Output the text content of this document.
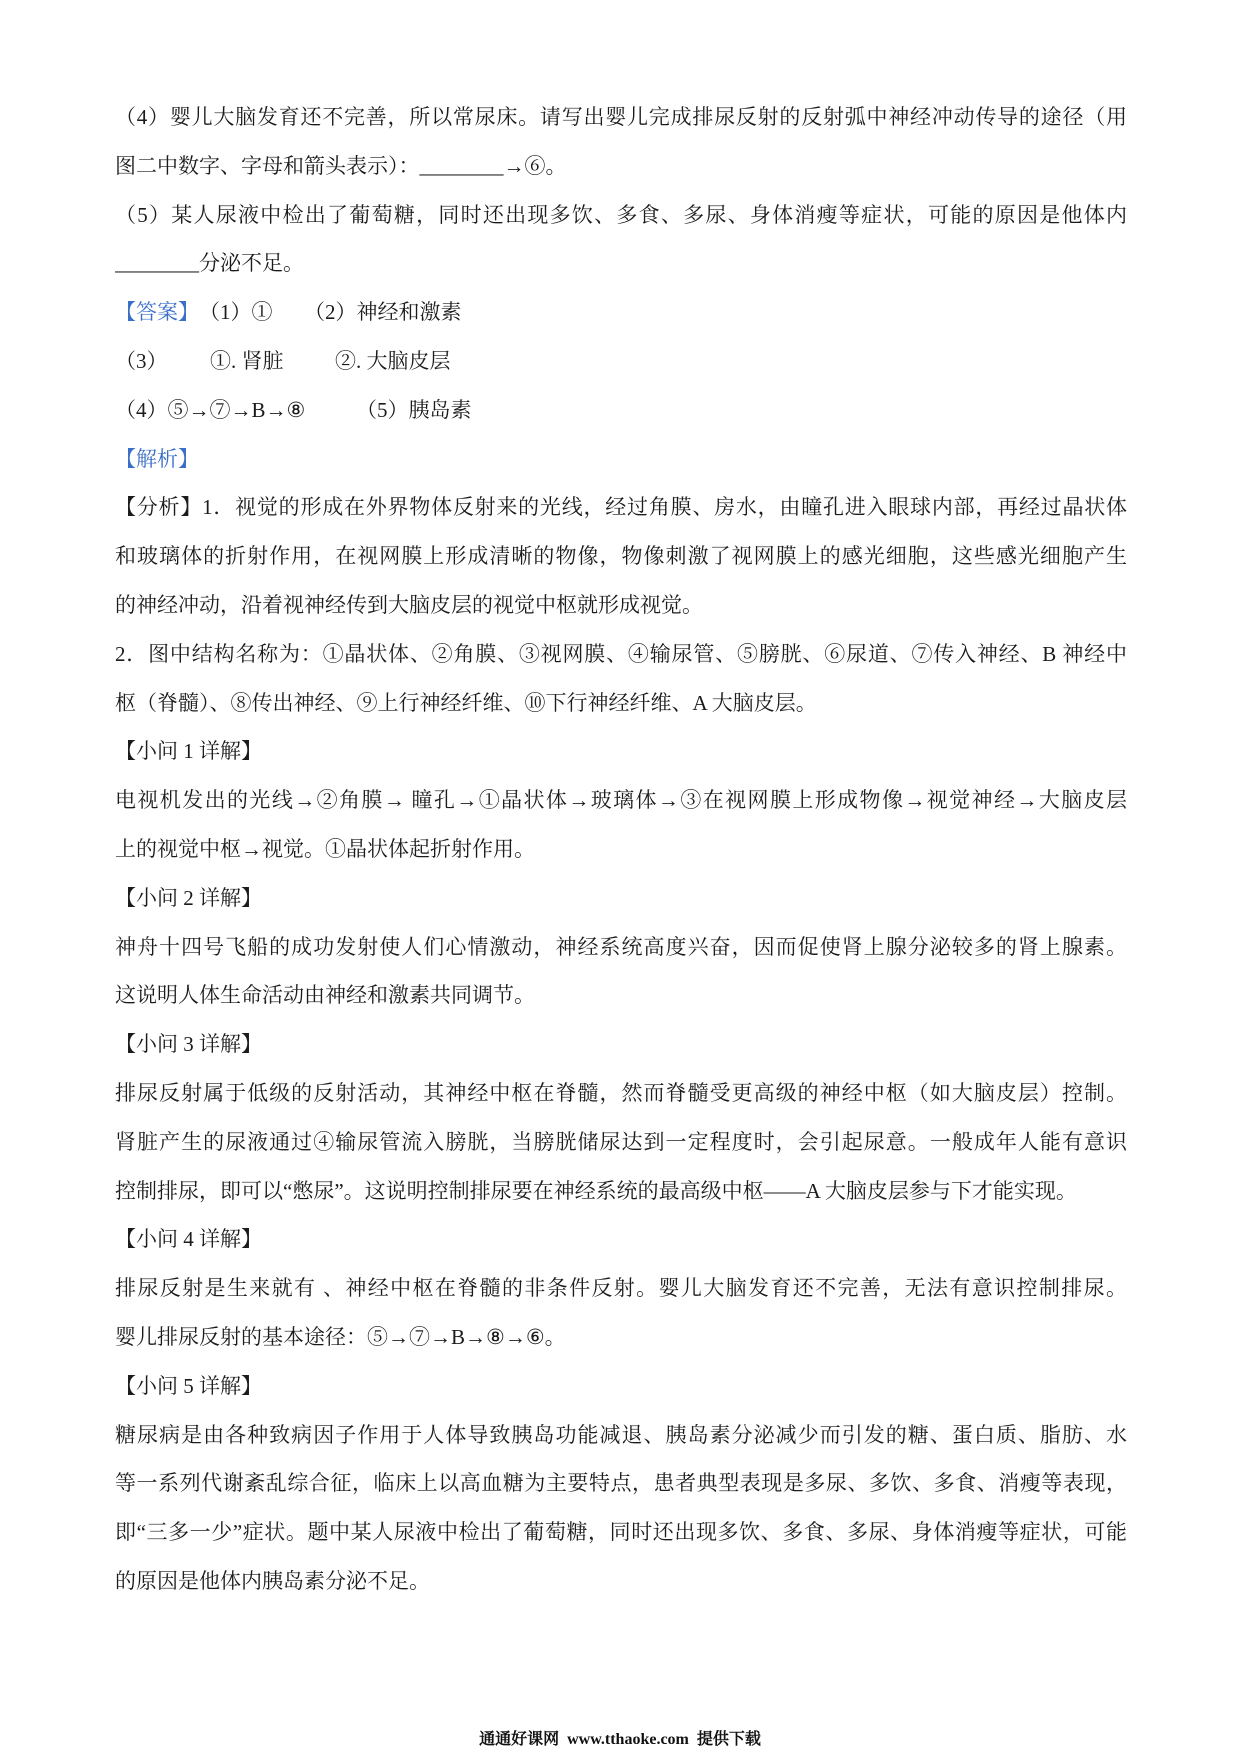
（4）婴儿大脑发育还不完善，所以常尿床。请写出婴儿完成排尿反射的反射弧中神经冲动传导的途径（用
图二中数字、字母和箭头表示）：________→⑥。
（5）某人尿液中检出了葡萄糖，同时还出现多饮、多食、多尿、身体消瘦等症状，可能的原因是他体内
________分泌不足。
【答案】 （1）① （2）神经和激素
（3） ①. 肾脏 ②. 大脑皮层
（4）⑤→⑦→B→⑧ （5）胰岛素
【解析】
【分析】1．视觉的形成在外界物体反射来的光线，经过角膜、房水，由瞳孔进入眼球内部，再经过晶状体
和玻璃体的折射作用，在视网膜上形成清晰的物像，物像刺激了视网膜上的感光细胞，这些感光细胞产生
的神经冲动，沿着视神经传到大脑皮层的视觉中枢就形成视觉。
2．图中结构名称为：①晶状体、②角膜、③视网膜、④输尿管、⑤膀胱、⑥尿道、⑦传入神经、B 神经中
枢（脊髓）、⑧传出神经、⑨上行神经纤维、⑩下行神经纤维、A 大脑皮层。
【小问 1 详解】
电视机发出的光线→②角膜→ 瞳孔→①晶状体→玻璃体→③在视网膜上形成物像→视觉神经→大脑皮层
上的视觉中枢→视觉。①晶状体起折射作用。
【小问 2 详解】
神舟十四号飞船的成功发射使人们心情激动，神经系统高度兴奋，因而促使肾上腺分泌较多的肾上腺素。
这说明人体生命活动由神经和激素共同调节。
【小问 3 详解】
排尿反射属于低级的反射活动，其神经中枢在脊髓，然而脊髓受更高级的神经中枢（如大脑皮层）控制。
肾脏产生的尿液通过④输尿管流入膀胱，当膀胱储尿达到一定程度时，会引起尿意。一般成年人能有意识
控制排尿，即可以“憋尿”。这说明控制排尿要在神经系统的最高级中枢——A 大脑皮层参与下才能实现。
【小问 4 详解】
排尿反射是生来就有 、神经中枢在脊髓的非条件反射。婴儿大脑发育还不完善，无法有意识控制排尿。
婴儿排尿反射的基本途径：⑤→⑦→B→⑧→⑥。
【小问 5 详解】
糖尿病是由各种致病因子作用于人体导致胰岛功能减退、胰岛素分泌减少而引发的糖、蛋白质、脂肪、水
等一系列代谢紊乱综合征，临床上以高血糖为主要特点，患者典型表现是多尿、多饮、多食、消瘦等表现，
即“三多一少”症状。题中某人尿液中检出了葡萄糖，同时还出现多饮、多食、多尿、身体消瘦等症状，可能
的原因是他体内胰岛素分泌不足。
通通好课网  www.tthaoke.com  提供下载
